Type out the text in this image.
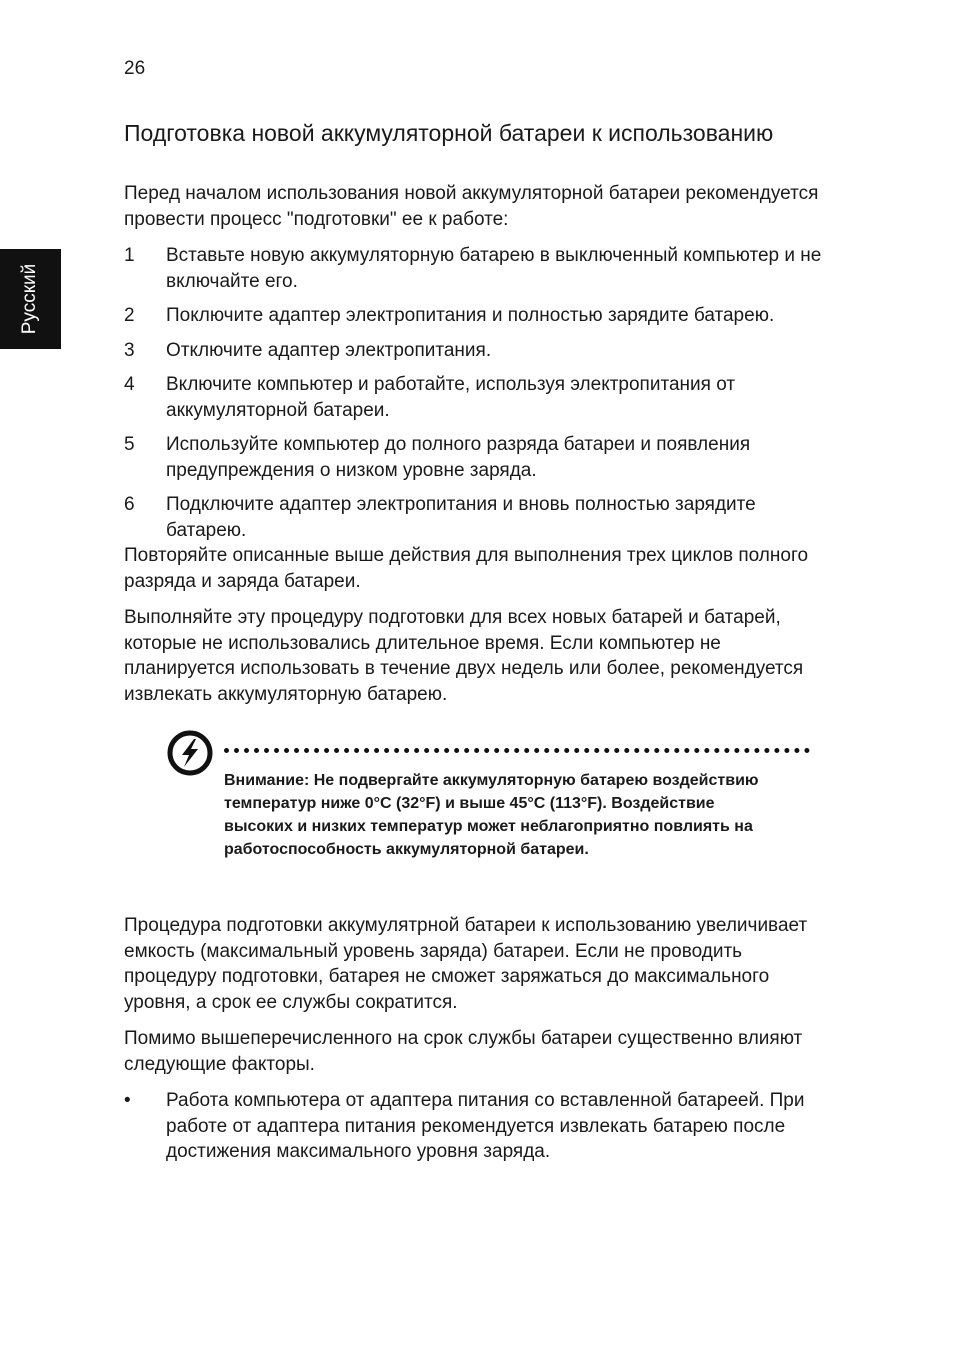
26
Русский
Подготовка новой аккумуляторной батареи к использованию

Перед началом использования новой аккумуляторной батареи рекомендуется провести процесс "подготовки" ее к работе:

1	Вставьте новую аккумуляторную батарею в выключенный компьютер и не включайте его.
2	Поключите адаптер электропитания и полностью зарядите батарею.
3	Отключите адаптер электропитания.
4	Включите компьютер и работайте, используя электропитания от аккумуляторной батареи.
5	Используйте компьютер до полного разряда батареи и появления предупреждения о низком уровне заряда.
6	Подключите адаптер электропитания и вновь полностью зарядите батарею.

Повторяйте описанные выше действия для выполнения трех циклов полного разряда и заряда батареи.

Выполняйте эту процедуру подготовки для всех новых батарей и батарей, которые не использовались длительное время. Если компьютер не планируется использовать в течение двух недель или более, рекомендуется извлекать аккумуляторную батарею.

Внимание: Не подвергайте аккумуляторную батарею воздействию температур ниже 0°C (32°F) и выше 45°C (113°F). Воздействие высоких и низких температур может неблагоприятно повлиять на работоспособность аккумуляторной батареи.

Процедура подготовки аккумулятрной батареи к использованию увеличивает емкость (максимальный уровень заряда) батареи. Если не проводить процедуру подготовки, батарея не сможет заряжаться до максимального уровня, а срок ее службы сократится.

Помимо вышеперечисленного на срок службы батареи существенно влияют следующие факторы.

•	Работа компьютера от адаптера питания со вставленной батареей. При работе от адаптера питания рекомендуется извлекать батарею после достижения максимального уровня заряда.
